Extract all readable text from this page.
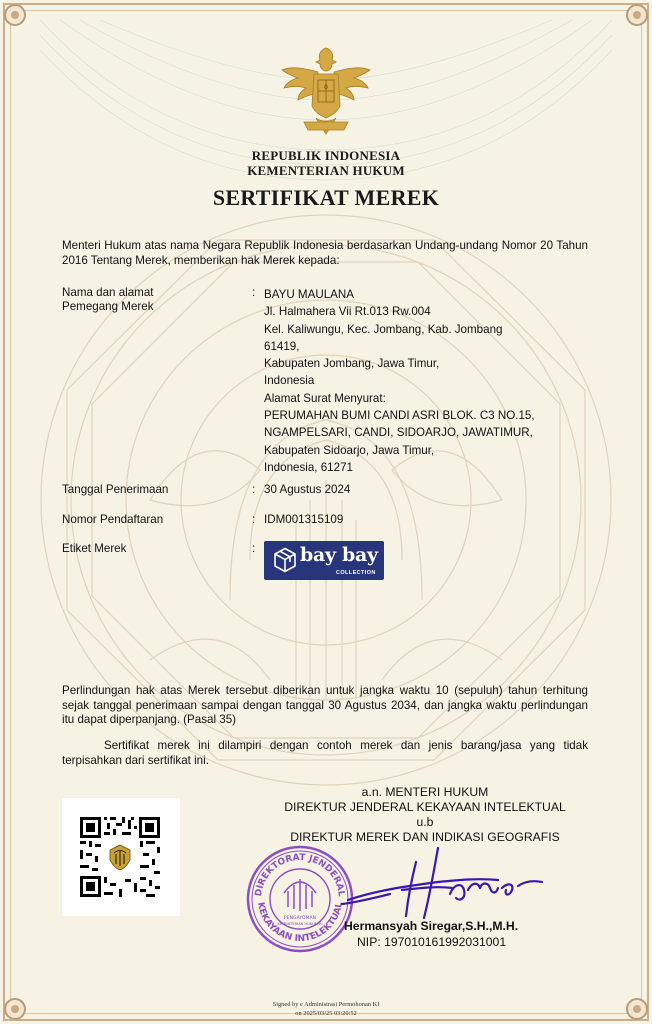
REPUBLIK INDONESIA
KEMENTERIAN HUKUM
SERTIFIKAT MEREK
Menteri Hukum atas nama Negara Republik Indonesia berdasarkan Undang-undang Nomor 20 Tahun 2016 Tentang Merek, memberikan hak Merek kepada:
Nama dan alamat
Pemegang Merek
: BAYU MAULANA
Jl. Halmahera Vii Rt.013 Rw.004
Kel. Kaliwungu, Kec. Jombang, Kab. Jombang
61419,
Kabupaten Jombang, Jawa Timur,
Indonesia
Alamat Surat Menyurat:
PERUMAHAN BUMI CANDI ASRI BLOK. C3 NO.15,
NGAMPELSARI, CANDI, SIDOARJO, JAWATIMUR,
Kabupaten Sidoarjo, Jawa Timur,
Indonesia, 61271
Tanggal Penerimaan	: 30 Agustus 2024
Nomor Pendaftaran	: IDM001315109
Etiket Merek	: bay bay
COLLECTION
Perlindungan hak atas Merek tersebut diberikan untuk jangka waktu 10 (sepuluh) tahun terhitung sejak tanggal penerimaan sampai dengan tanggal 30 Agustus 2034, dan jangka waktu perlindungan itu dapat diperpanjang. (Pasal 35)
Sertifikat merek ini dilampiri dengan contoh merek dan jenis barang/jasa yang tidak terpisahkan dari sertifikat ini.
a.n. MENTERI HUKUM
DIREKTUR JENDERAL KEKAYAAN INTELEKTUAL
u.b
DIREKTUR MEREK DAN INDIKASI GEOGRAFIS
DIREKTORAT JENDERAL
KEKAYAAN INTELEKTUAL
PENGAYOMAN
KEMENTERIAN HUKUM RI Hermansyah Siregar,S.H.,M.H.
NIP: 197010161992031001
Signed by e Administrasi Permohonan KI
on 2025/03/25 03:20:52
